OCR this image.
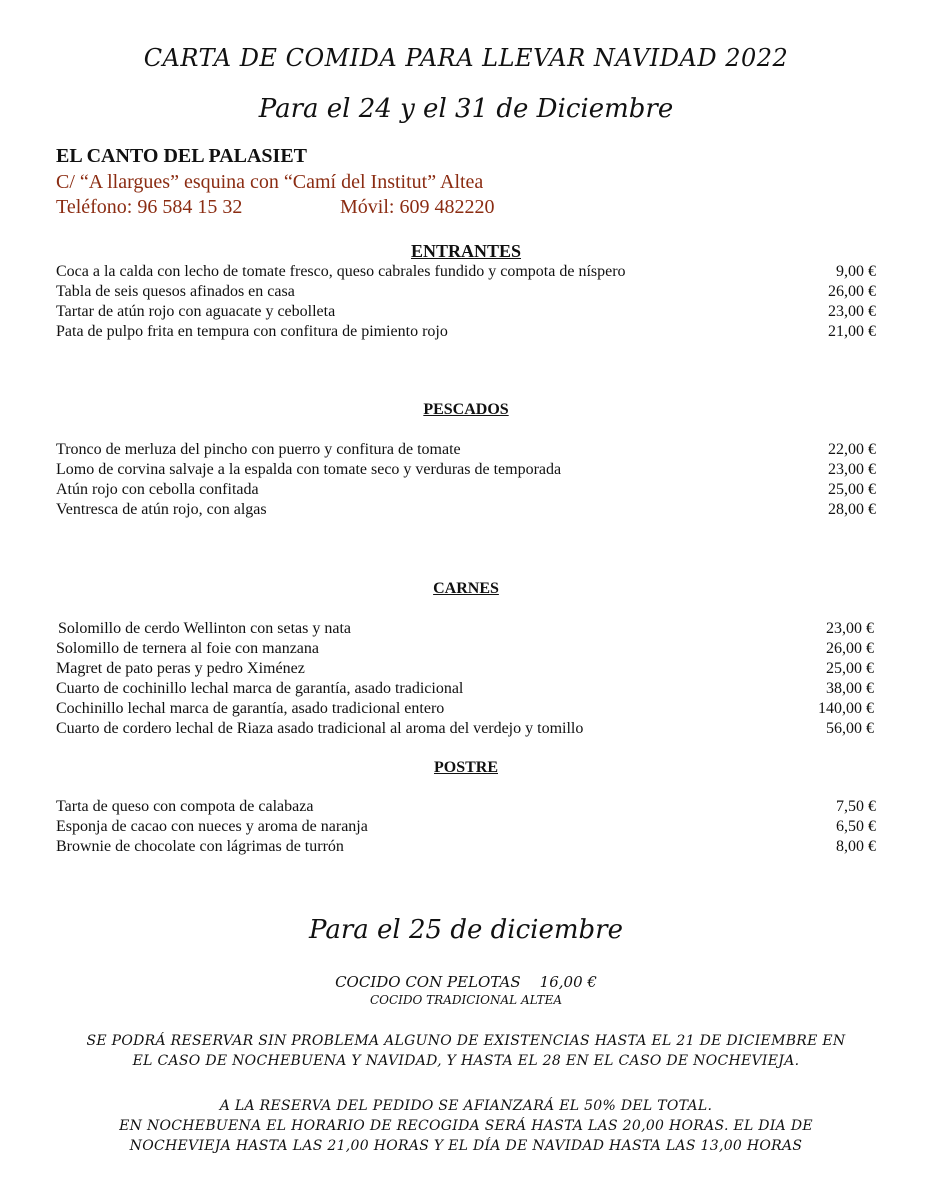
CARTA DE COMIDA PARA LLEVAR NAVIDAD 2022
Para el 24 y el 31 de Diciembre
EL CANTO DEL PALASIET
C/ “A llargues” esquina con “Camí del Institut” Altea
Teléfono: 96 584 15 32	Móvil: 609 482220
ENTRANTES
Coca a la calda con lecho de tomate fresco, queso cabrales fundido y compota de níspero	9,00 €
Tabla de seis quesos afinados en casa	26,00 €
Tartar de atún rojo con aguacate y cebolleta	23,00 €
Pata de pulpo frita en tempura con confitura de pimiento rojo	21,00 €
PESCADOS
Tronco de merluza del pincho con puerro y confitura de tomate	22,00 €
Lomo de corvina salvaje a la espalda con tomate seco y verduras de temporada	23,00 €
Atún rojo con cebolla confitada	25,00 €
Ventresca de atún rojo, con algas	28,00 €
CARNES
Solomillo de cerdo Wellinton con setas y nata	23,00 €
Solomillo de ternera al foie con manzana	26,00 €
Magret de pato peras y pedro Ximénez	25,00 €
Cuarto de cochinillo lechal marca de garantía, asado tradicional	38,00 €
Cochinillo lechal marca de garantía, asado tradicional entero	140,00 €
Cuarto de cordero lechal de Riaza asado tradicional al aroma del verdejo y tomillo	56,00 €
POSTRE
Tarta de queso con compota de calabaza	7,50 €
Esponja de cacao con nueces y aroma de naranja	6,50 €
Brownie de chocolate con lágrimas de turrón	8,00 €
Para el 25 de diciembre
COCIDO CON PELOTAS 16,00 €
COCIDO TRADICIONAL ALTEA
SE PODRÁ RESERVAR SIN PROBLEMA ALGUNO DE EXISTENCIAS HASTA EL 21 DE DICIEMBRE EN
EL CASO DE NOCHEBUENA Y NAVIDAD, Y HASTA EL 28 EN EL CASO DE NOCHEVIEJA.
A LA RESERVA DEL PEDIDO SE AFIANZARÁ EL 50% DEL TOTAL.
EN NOCHEBUENA EL HORARIO DE RECOGIDA SERÁ HASTA LAS 20,00 HORAS. EL DIA DE
NOCHEVIEJA HASTA LAS 21,00 HORAS Y EL DÍA DE NAVIDAD HASTA LAS 13,00 HORAS
